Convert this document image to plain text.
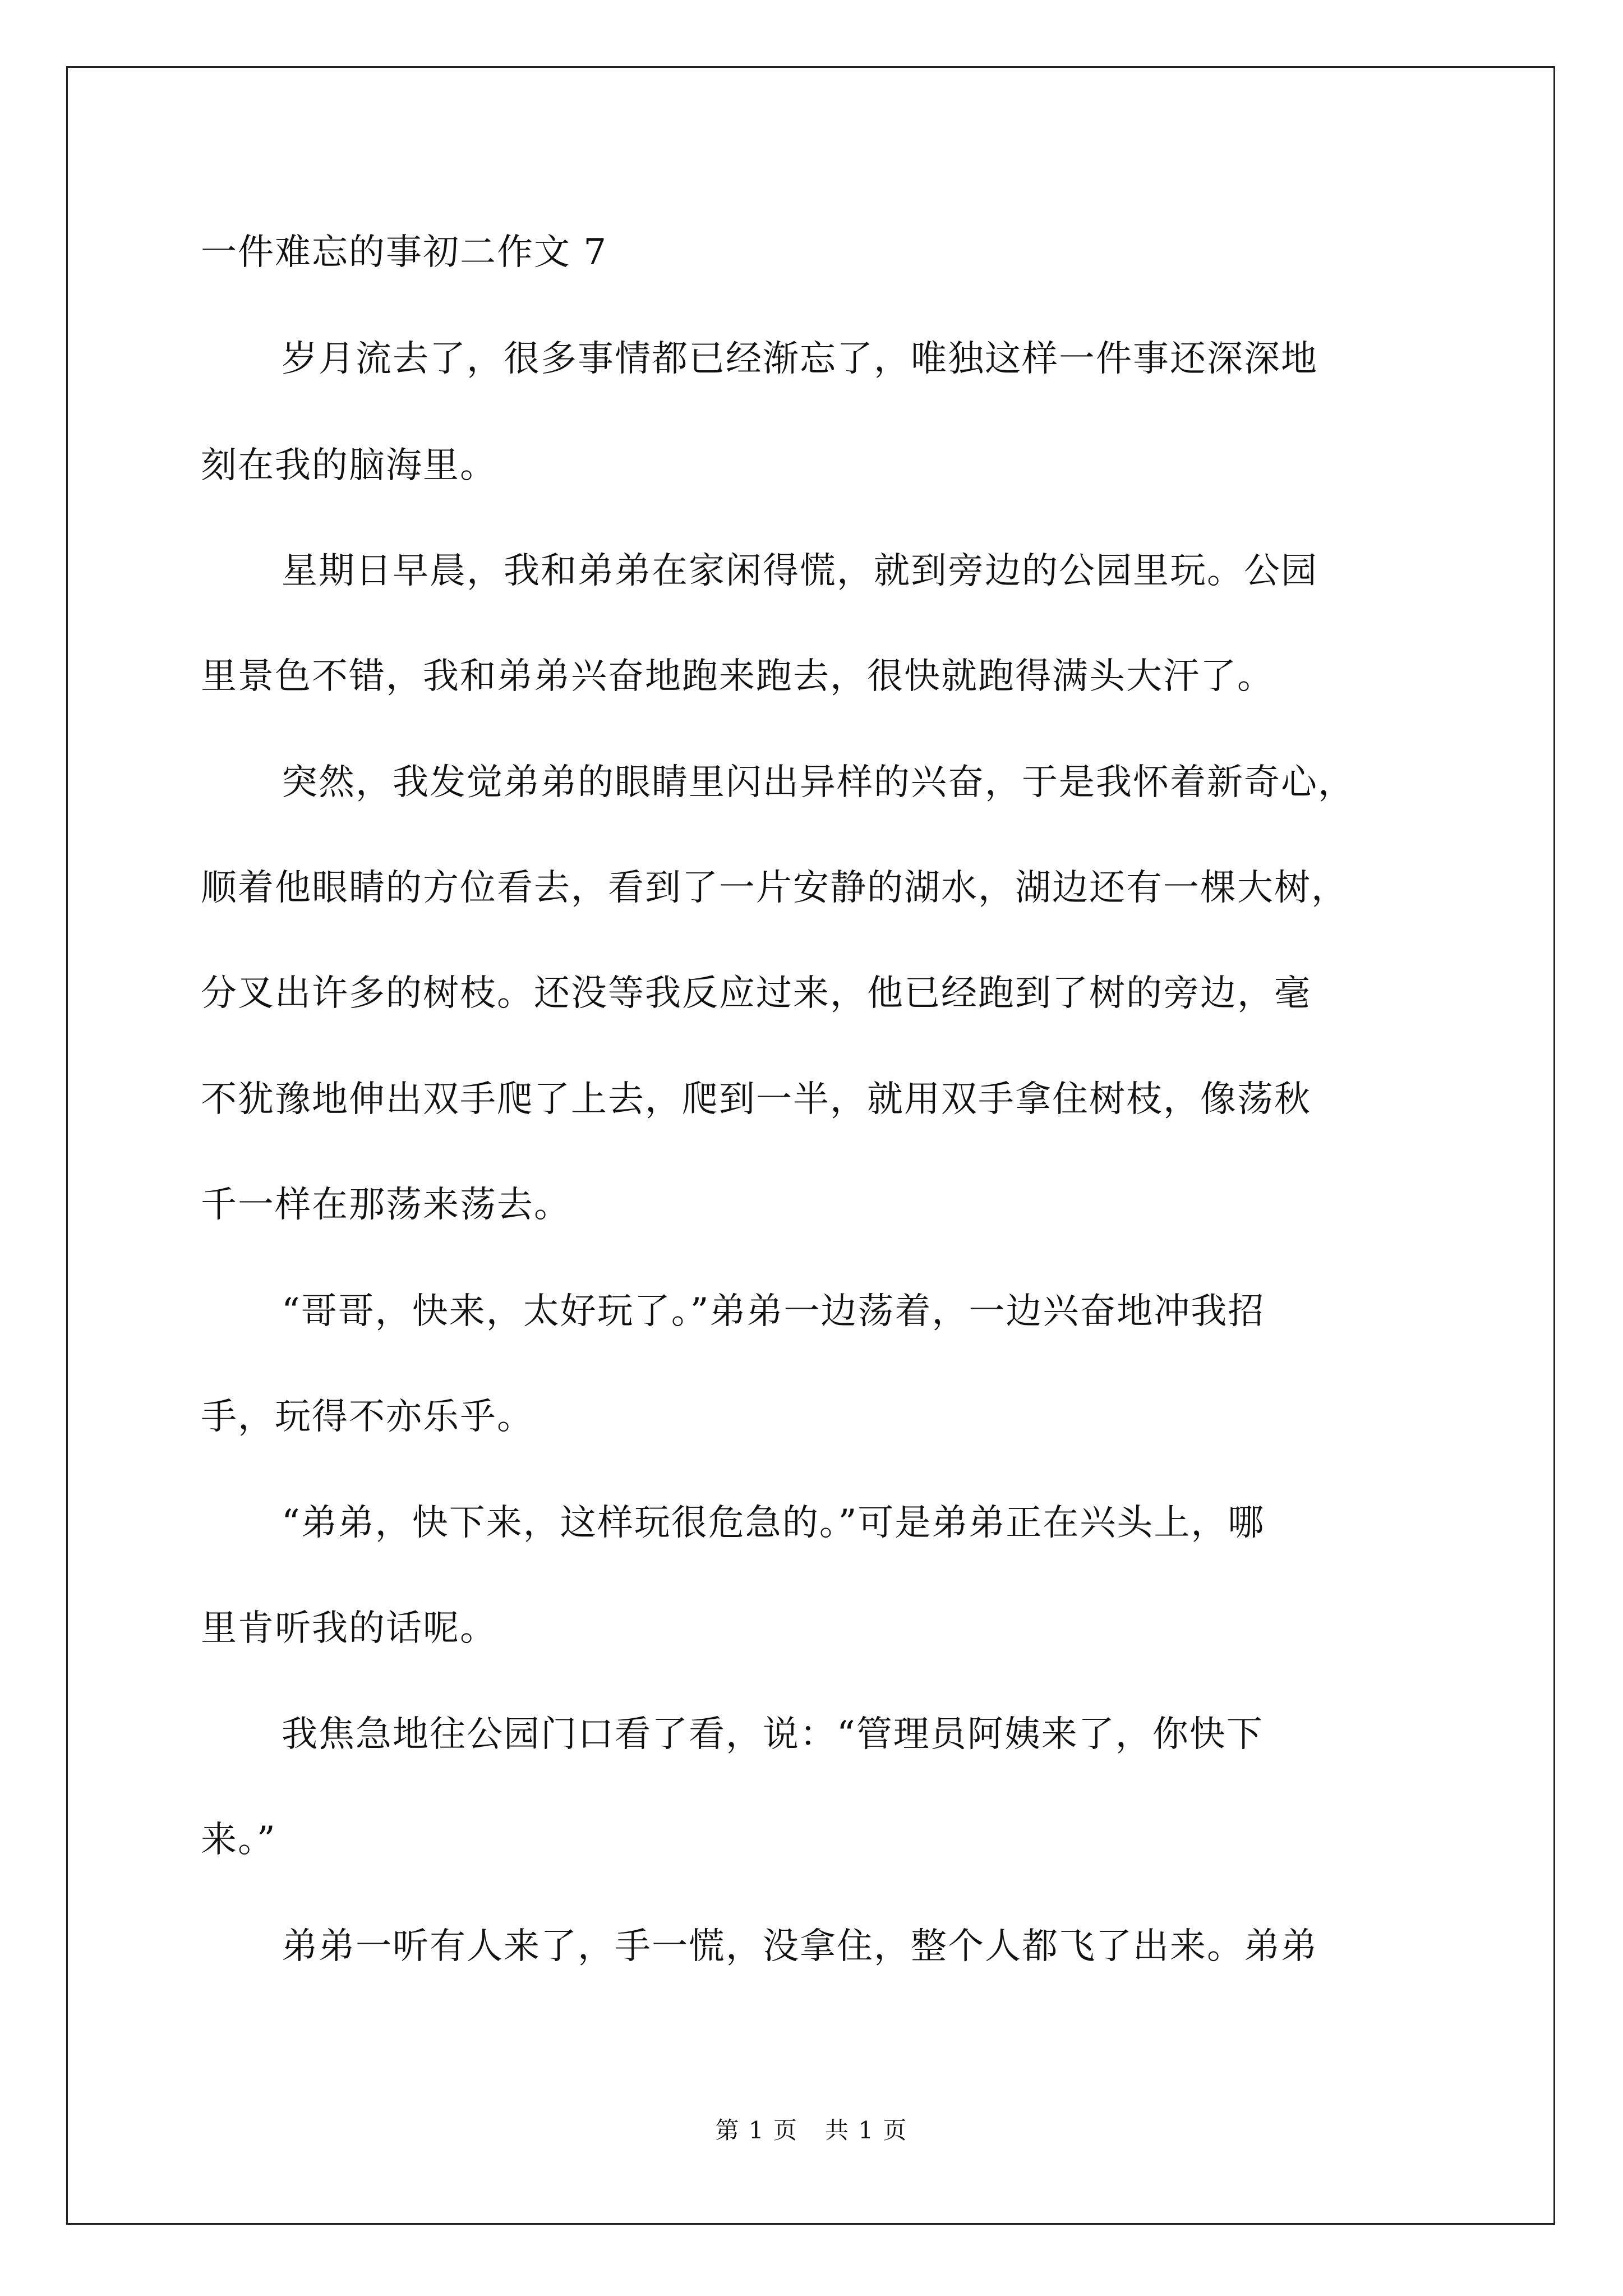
一件难忘的事初二作文 7

岁月流去了，很多事情都已经渐忘了，唯独这样一件事还深深地

刻在我的脑海里。

星期日早晨，我和弟弟在家闲得慌，就到旁边的公园里玩。公园

里景色不错，我和弟弟兴奋地跑来跑去，很快就跑得满头大汗了。

突然，我发觉弟弟的眼睛里闪出异样的兴奋，于是我怀着新奇心，

顺着他眼睛的方位看去，看到了一片安静的湖水，湖边还有一棵大树，

分叉出许多的树枝。还没等我反应过来，他已经跑到了树的旁边，毫

不犹豫地伸出双手爬了上去，爬到一半，就用双手拿住树枝，像荡秋

千一样在那荡来荡去。

“哥哥，快来，太好玩了。”弟弟一边荡着，一边兴奋地冲我招

手，玩得不亦乐乎。

“弟弟，快下来，这样玩很危急的。”可是弟弟正在兴头上，哪

里肯听我的话呢。

我焦急地往公园门口看了看，说：“管理员阿姨来了，你快下

来。”

弟弟一听有人来了，手一慌，没拿住，整个人都飞了出来。弟弟

第 1 页 共 1 页
